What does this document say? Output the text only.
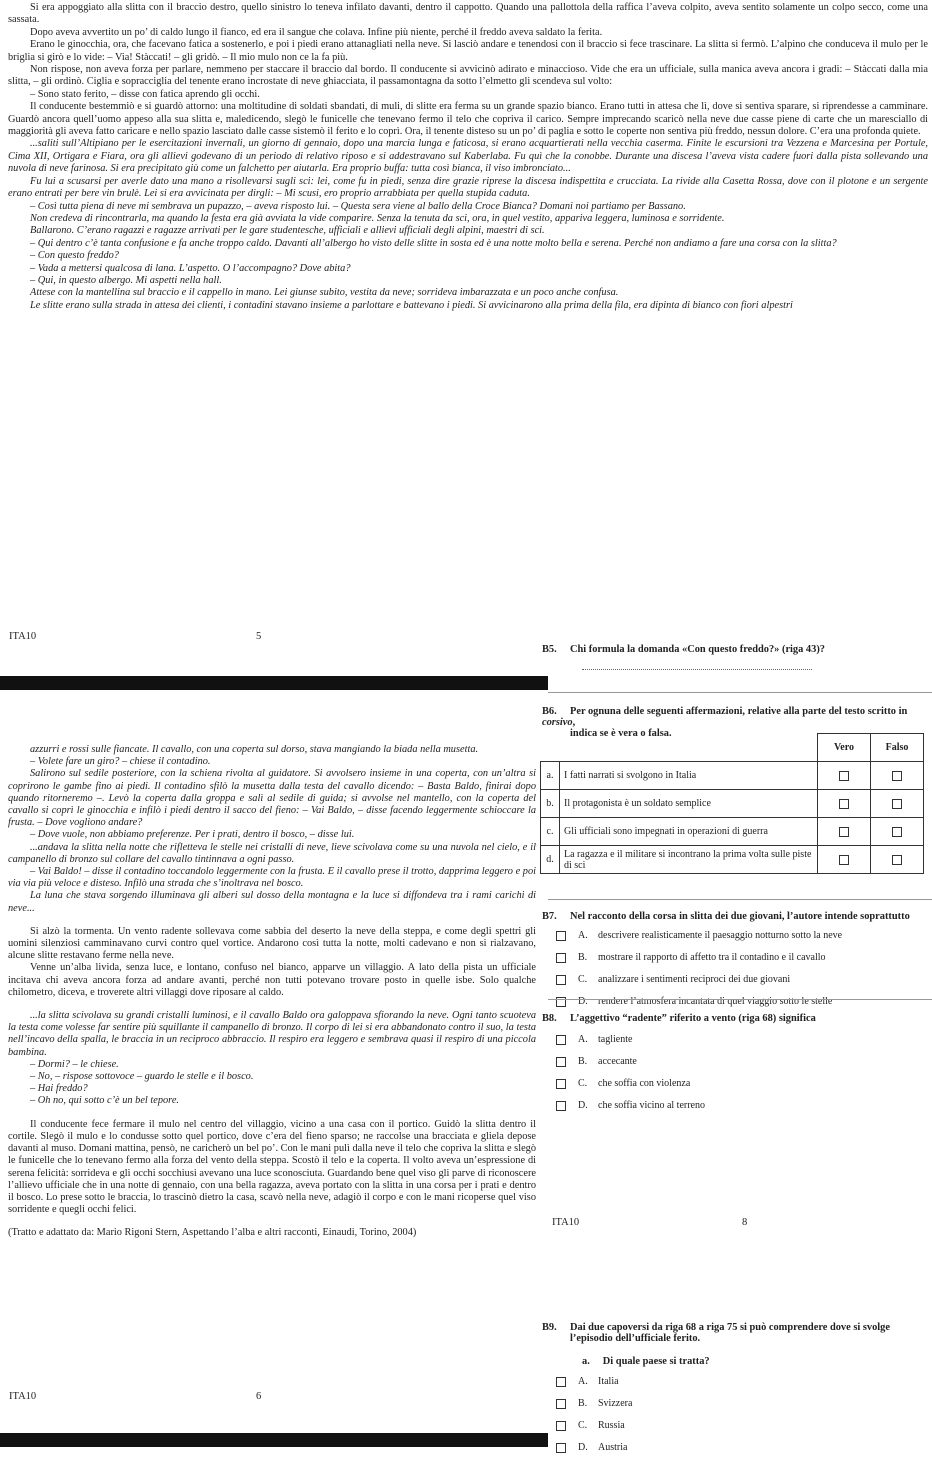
Si era appoggiato alla slitta con il braccio destro, quello sinistro lo teneva infilato davanti, dentro il cappotto. Quando una pallottola della raffica l’aveva colpito, aveva sentito solamente un colpo secco, come una sassata.

Dopo aveva avvertito un po’ di caldo lungo il fianco, ed era il sangue che colava. Infine più niente, perché il freddo aveva saldato la ferita.

Erano le ginocchia, ora, che facevano fatica a sostenerlo, e poi i piedi erano attanagliati nella neve. Si lasciò andare e tenendosi con il braccio si fece trascinare. La slitta si fermò. L’alpino che conduceva il mulo per le briglia si girò e lo vide: – Via! Stàccati! – gli gridò. – Il mio mulo non ce la fa più.

Non rispose, non aveva forza per parlare, nemmeno per staccare il braccio dal bordo. Il conducente si avvicinò adirato e minaccioso. Vide che era un ufficiale, sulla manica aveva ancora i gradi: – Stàccati dalla mia slitta, – gli ordinò. Ciglia e sopracciglia del tenente erano incrostate di neve ghiacciata, il passamontagna da sotto l’elmetto gli scendeva sul volto:

– Sono stato ferito, – disse con fatica aprendo gli occhi.

Il conducente bestemmiò e si guardò attorno: una moltitudine di soldati sbandati, di muli, di slitte era ferma su un grande spazio bianco. Erano tutti in attesa che lì, dove si sentiva sparare, si riprendesse a camminare. Guardò ancora quell’uomo appeso alla sua slitta e, maledicendo, slegò le funicelle che tenevano fermo il telo che copriva il carico. Sempre imprecando scaricò nella neve due casse piene di carte che un maresciallo di maggiorità gli aveva fatto caricare e nello spazio lasciato dalle casse sistemò il ferito e lo coprì. Ora, il tenente disteso su un po’ di paglia e sotto le coperte non sentiva più freddo, nessun dolore. C’era una profonda quiete.

...saliti sull’Altipiano per le esercitazioni invernali, un giorno di gennaio, dopo una marcia lunga e faticosa, si erano acquartierati nella vecchia caserma. Finite le escursioni tra Vezzena e Marcesina per Portule, Cima XII, Ortigara e Fiara, ora gli allievi godevano di un periodo di relativo riposo e si addestravano sul Kaberlaba. Fu quì che la conobbe. Durante una discesa l’aveva vista cadere fuori dalla pista sollevando una nuvola di neve farinosa. Si era precipitato giù come un falchetto per aiutarla. Era proprio buffa: tutta così bianca, il viso imbronciato...

Fu lui a scusarsi per averle dato una mano a risollevarsi sugli sci: lei, come fu in piedi, senza dire grazie riprese la discesa indispettita e crucciata. La rivide alla Casetta Rossa, dove con il plotone e un sergente erano entrati per bere vin brulè. Lei si era avvicinata per dirgli: – Mi scusi, ero proprio arrabbiata per quella stupida caduta.

– Così tutta piena di neve mi sembrava un pupazzo, – aveva risposto lui. – Questa sera viene al ballo della Croce Bianca? Domani noi partiamo per Bassano.

Non credeva di rincontrarla, ma quando la festa era già avviata la vide comparire. Senza la tenuta da sci, ora, in quel vestito, appariva leggera, luminosa e sorridente.

Ballarono. C’erano ragazzi e ragazze arrivati per le gare studentesche, ufficiali e allievi ufficiali degli alpini, maestri di sci.

– Qui dentro c’è tanta confusione e fa anche troppo caldo. Davanti all’albergo ho visto delle slitte in sosta ed è una notte molto bella e serena. Perché non andiamo a fare una corsa con la slitta?

– Con questo freddo?

– Vada a mettersi qualcosa di lana. L’aspetto. O l’accompagno? Dove abita?

– Qui, in questo albergo. Mi aspetti nella hall.

Attese con la mantellina sul braccio e il cappello in mano. Lei giunse subito, vestita da neve; sorrideva imbarazzata e un poco anche confusa.

Le slitte erano sulla strada in attesa dei clienti, i contadini stavano insieme a parlottare e battevano i piedi. Si avvicinarono alla prima della fila, era dipinta di bianco con fiori alpestri

ITA10	5

azzurri e rossi sulle fiancate. Il cavallo, con una coperta sul dorso, stava mangiando la biada nella musetta.

– Volete fare un giro? – chiese il contadino.

Salirono sul sedile posteriore, con la schiena rivolta al guidatore. Si avvolsero insieme in una coperta, con un’altra si coprirono le gambe fino ai piedi. Il contadino sfilò la musetta dalla testa del cavallo dicendo: – Basta Baldo, finirai dopo quando ritorneremo –. Levò la coperta dalla groppa e salì al sedile di guida; si avvolse nel mantello, con la coperta del cavallo si coprì le ginocchia e infilò i piedi dentro il sacco del fieno: – Vai Baldo, – disse facendo leggermente schioccare la frusta. – Dove vogliono andare?

– Dove vuole, non abbiamo preferenze. Per i prati, dentro il bosco, – disse lui.

...andava la slitta nella notte che rifletteva le stelle nei cristalli di neve, lieve scivolava come su una nuvola nel cielo, e il campanello di bronzo sul collare del cavallo tintinnava a ogni passo.

– Vai Baldo! – disse il contadino toccandolo leggermente con la frusta. E il cavallo prese il trotto, dapprima leggero e poi via via più veloce e disteso. Infilò una strada che s’inoltrava nel bosco.

La luna che stava sorgendo illuminava gli alberi sul dosso della montagna e la luce si diffondeva tra i rami carichi di neve...

Si alzò la tormenta. Un vento radente sollevava come sabbia del deserto la neve della steppa, e come degli spettri gli uomini silenziosi camminavano curvi contro quel vortice. Andarono così tutta la notte, molti cadevano e non si rialzavano, alcune slitte restavano ferme nella neve.

Venne un’alba livida, senza luce, e lontano, confuso nel bianco, apparve un villaggio. A lato della pista un ufficiale incitava chi aveva ancora forza ad andare avanti, perché non tutti potevano trovare posto in quelle isbe. Solo qualche chilometro, diceva, e troverete altri villaggi dove riposare al caldo.

...la slitta scivolava su grandi cristalli luminosi, e il cavallo Baldo ora galoppava sfiorando la neve. Ogni tanto scuoteva la testa come volesse far sentire più squillante il campanello di bronzo. Il corpo di lei si era abbandonato contro il suo, la testa nell’incavo della spalla, le braccia in un reciproco abbraccio. Il respiro era leggero e sembrava quasi il respiro di una piccola bambina.

– Dormi? – le chiese.

– No, – rispose sottovoce – guardo le stelle e il bosco.

– Hai freddo?

– Oh no, qui sotto c’è un bel tepore.

Il conducente fece fermare il mulo nel centro del villaggio, vicino a una casa con il portico. Guidò la slitta dentro il cortile. Slegò il mulo e lo condusse sotto quel portico, dove c’era del fieno sparso; ne raccolse una bracciata e gliela depose davanti al muso. Domani mattina, pensò, ne caricherò un bel po’. Con le mani pulì dalla neve il telo che copriva la slitta e slegò le funicelle che lo tenevano fermo alla forza del vento della steppa. Scostò il telo e la coperta. Il volto aveva un’espressione di serena felicità: sorrideva e gli occhi socchiusi avevano una luce sconosciuta. Guardando bene quel viso gli parve di riconoscere l’allievo ufficiale che in una notte di gennaio, con una bella ragazza, aveva portato con la slitta in una corsa per i prati e dentro il bosco. Lo prese sotto le braccia, lo trascinò dietro la casa, scavò nella neve, adagiò il corpo e con le mani ricoperse quel viso sorridente e quegli occhi felici.

(Tratto e adattato da: Mario Rigoni Stern, Aspettando l’alba e altri racconti, Einaudi, Torino, 2004)

ITA10	6
B5. Chi formula la domanda «Con questo freddo?» (riga 43)?
B6. Per ognuna delle seguenti affermazioni, relative alla parte del testo scritto in corsivo,
indica se è vera o falsa.
		Vero	Falso
a.	I fatti narrati si svolgono in Italia		
b.	Il protagonista è un soldato semplice		
c.	Gli ufficiali sono impegnati in operazioni di guerra		
d.	La ragazza e il militare si incontrano la prima volta sulle piste di sci		
B7. Nel racconto della corsa in slitta dei due giovani, l’autore intende soprattutto
A. descrivere realisticamente il paesaggio notturno sotto la neve
B. mostrare il rapporto di affetto tra il contadino e il cavallo
C. analizzare i sentimenti reciproci dei due giovani
D. rendere l’atmosfera incantata di quel viaggio sotto le stelle
B8. L’aggettivo “radente” riferito a vento (riga 68) significa
A. tagliente
B. accecante
C. che soffia con violenza
D. che soffia vicino al terreno
ITA10	8
B9. Dai due capoversi da riga 68 a riga 75 si può comprendere dove si svolge
l’episodio dell’ufficiale ferito.
a. Di quale paese si tratta?
A. Italia
B. Svizzera
C. Russia
D. Austria
